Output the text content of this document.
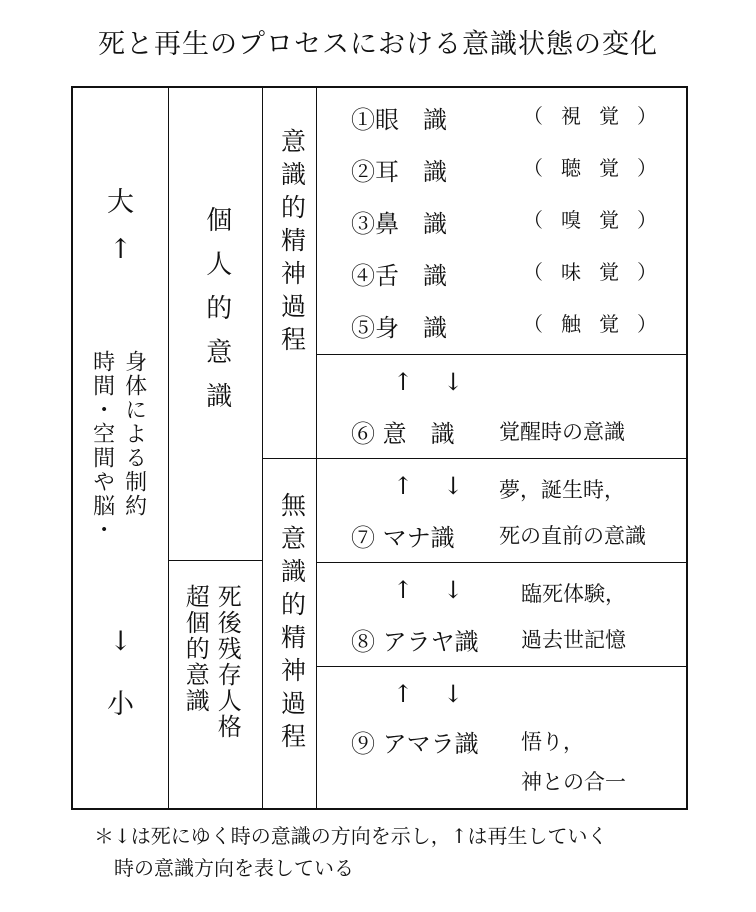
死と再生のプロセスにおける意識状態の変化
大
↑
身体による制約
時間・空間や脳・
↓
小
個人的意識
死後残存人格
超個的意識
意識的精神過程
無意識的精神過程
①眼　識	（視覚）
②耳　識	（聴覚）
③鼻　識	（嗅覚）
④舌　識	（味覚）
⑤身　識	（触覚）
↑↓
⑥ 意　識 覚醒時の意識
↑↓ 夢，誕生時，
⑦ マナ識 死の直前の意識
↑↓ 臨死体験，
⑧ アラヤ識 過去世記憶
↑↓
⑨ アマラ識 悟り，
神との合一
＊↓は死にゆく時の意識の方向を示し，↑は再生していく
時の意識方向を表している
